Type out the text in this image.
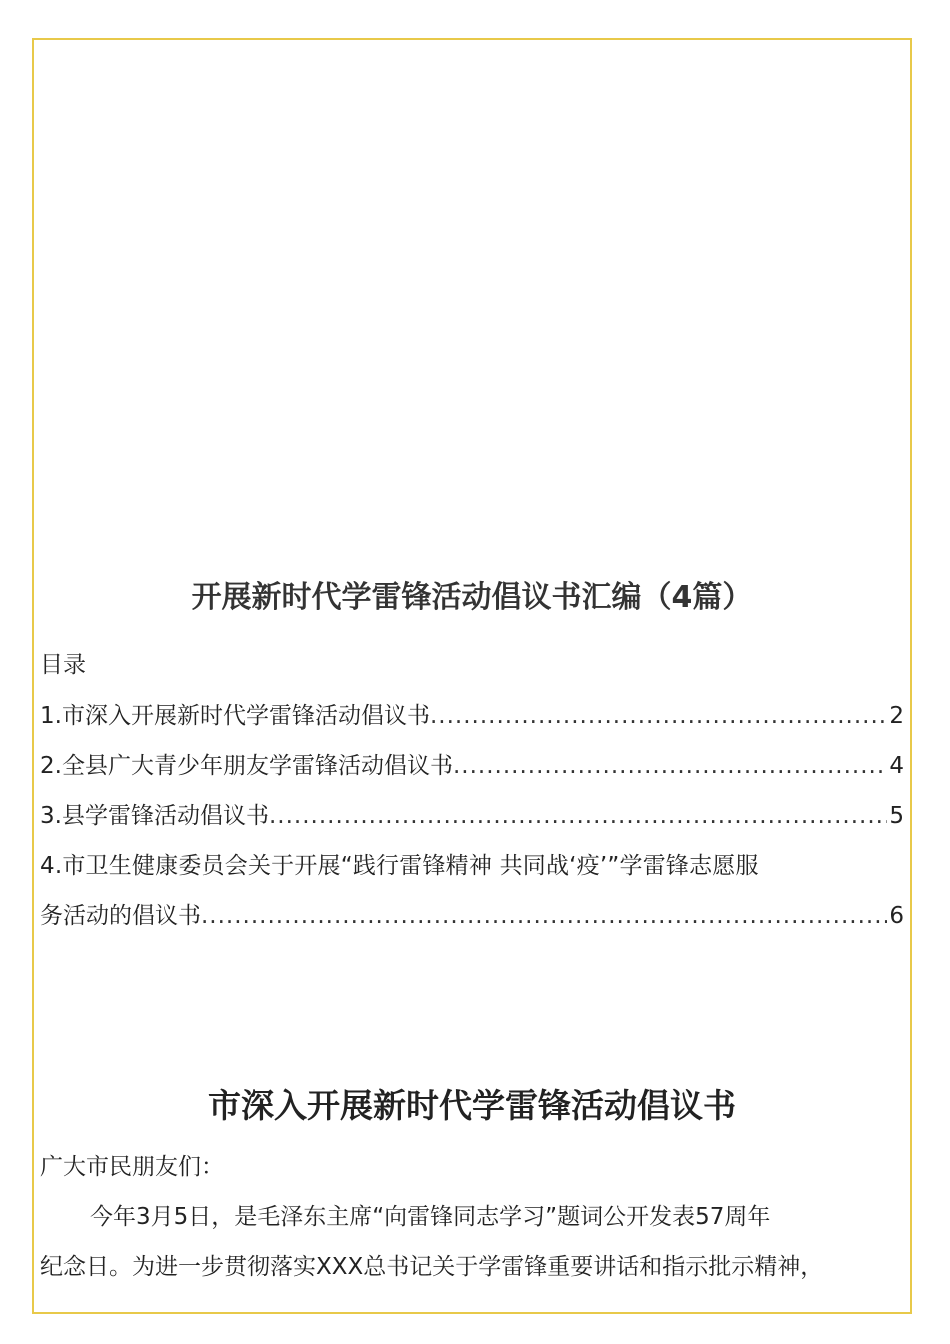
开展新时代学雷锋活动倡议书汇编（4篇）
目录
1.市深入开展新时代学雷锋活动倡议书 .....	2
2.全县广大青少年朋友学雷锋活动倡议书 .....	4
3.县学雷锋活动倡议书 .....	5
4.市卫生健康委员会关于开展“践行雷锋精神 共同战‘疫’”学雷锋志愿服
务活动的倡议书 .....	6
市深入开展新时代学雷锋活动倡议书
广大市民朋友们：
今年3月5日，是毛泽东主席“向雷锋同志学习”题词公开发表57周年
纪念日。为进一步贯彻落实XXX总书记关于学雷锋重要讲话和指示批示精神，
